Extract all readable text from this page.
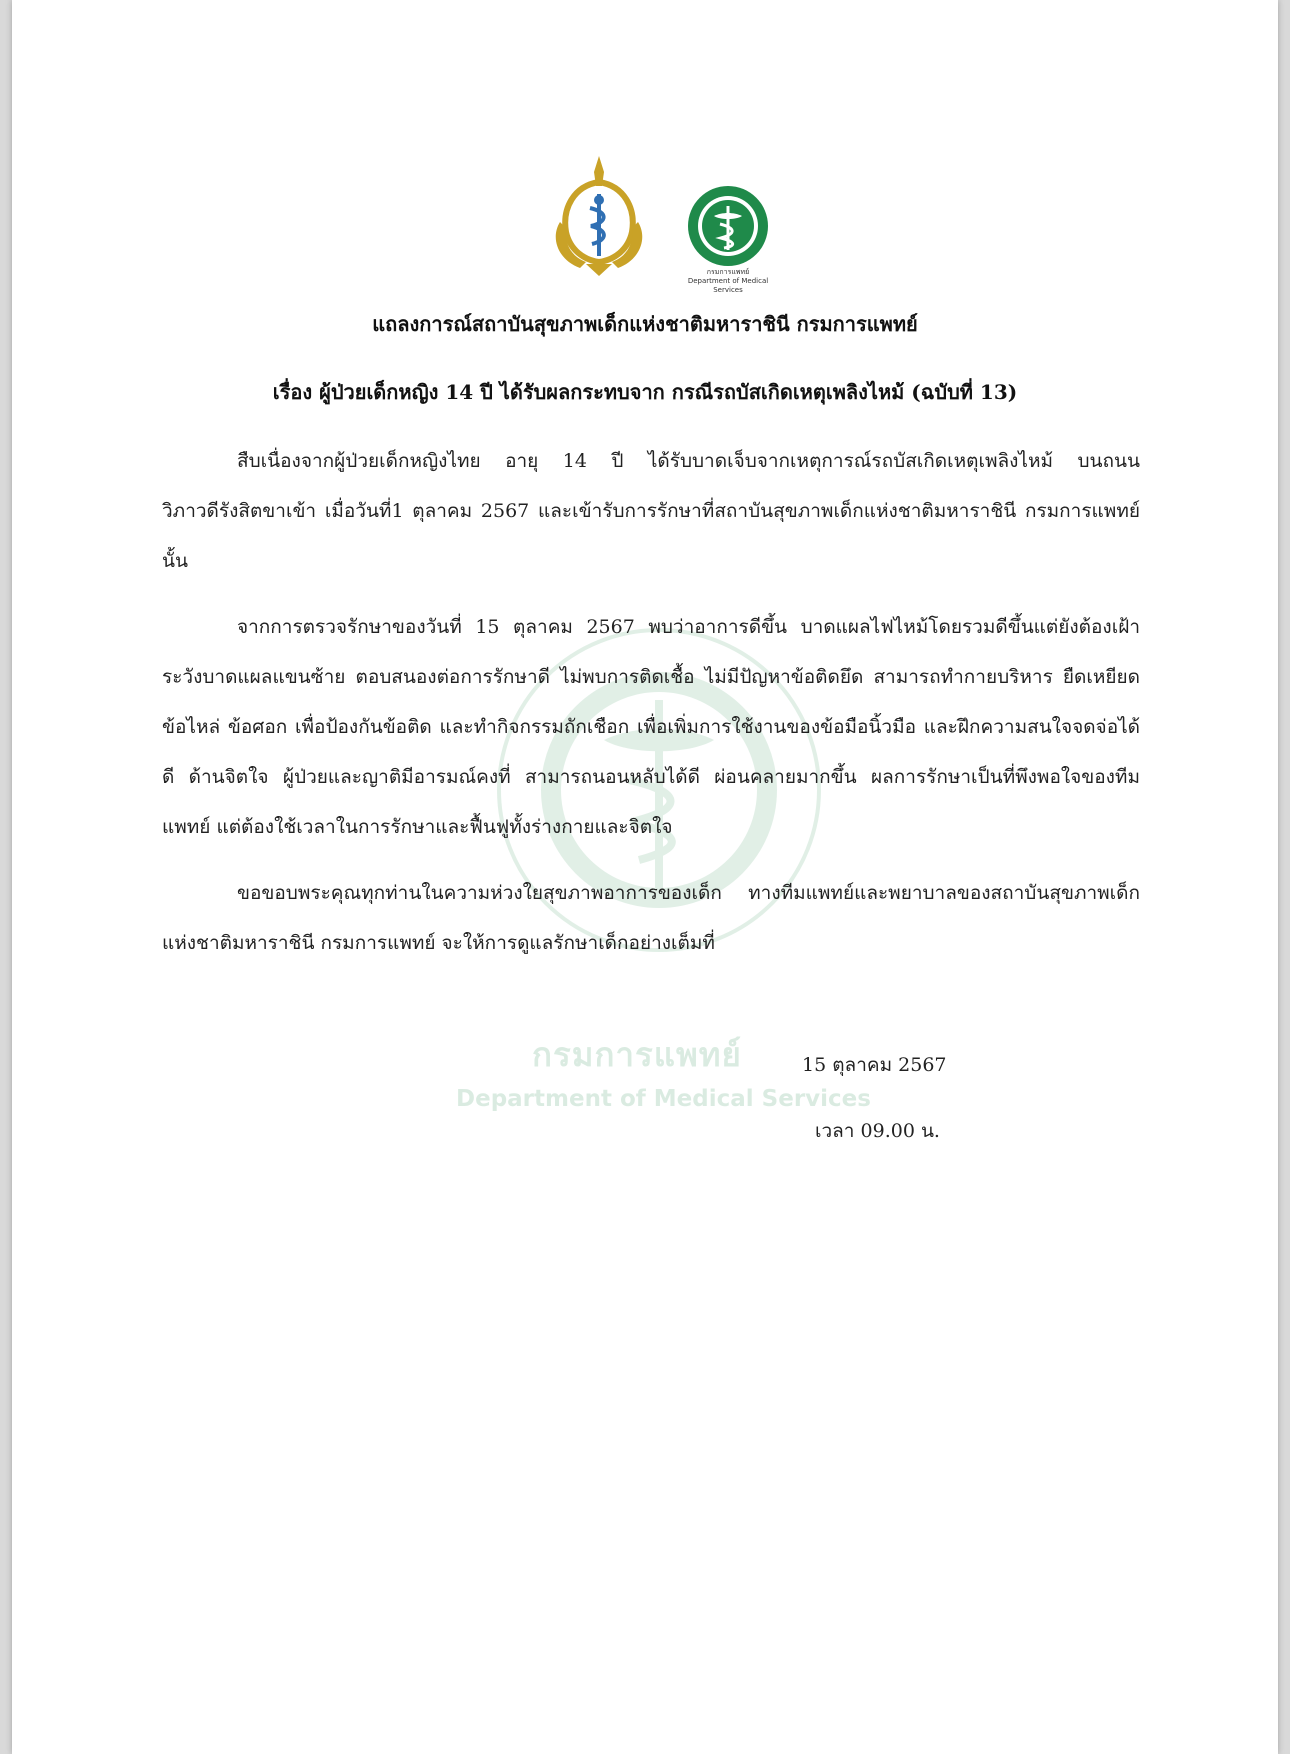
กรมการแพทย์
Department of Medical Services
กรมการแพทย์
Department of Medical Services
แถลงการณ์สถาบันสุขภาพเด็กแห่งชาติมหาราชินี กรมการแพทย์
เรื่อง ผู้ป่วยเด็กหญิง 14 ปี ได้รับผลกระทบจาก กรณีรถบัสเกิดเหตุเพลิงไหม้ (ฉบับที่ 13)

สืบเนื่องจากผู้ป่วยเด็กหญิงไทย อายุ 14 ปี ได้รับบาดเจ็บจากเหตุการณ์รถบัสเกิดเหตุเพลิงไหม้ บนถนนวิภาวดีรังสิตขาเข้า เมื่อวันที่1 ตุลาคม 2567 และเข้ารับการรักษาที่สถาบันสุขภาพเด็กแห่งชาติมหาราชินี กรมการแพทย์นั้น

จากการตรวจรักษาของวันที่ 15 ตุลาคม 2567 พบว่าอาการดีขึ้น บาดแผลไฟไหม้โดยรวมดีขึ้นแต่ยังต้องเฝ้าระวังบาดแผลแขนซ้าย ตอบสนองต่อการรักษาดี ไม่พบการติดเชื้อ ไม่มีปัญหาข้อติดยึด สามารถทำกายบริหาร ยืดเหยียดข้อไหล่ ข้อศอก เพื่อป้องกันข้อติด และทำกิจกรรมถักเชือก เพื่อเพิ่มการใช้งานของข้อมือนิ้วมือ และฝึกความสนใจจดจ่อได้ดี ด้านจิตใจ ผู้ป่วยและญาติมีอารมณ์คงที่ สามารถนอนหลับได้ดี ผ่อนคลายมากขึ้น ผลการรักษาเป็นที่พึงพอใจของทีมแพทย์ แต่ต้องใช้เวลาในการรักษาและฟื้นฟูทั้งร่างกายและจิตใจ

ขอขอบพระคุณทุกท่านในความห่วงใยสุขภาพอาการของเด็ก ทางทีมแพทย์และพยาบาลของสถาบันสุขภาพเด็กแห่งชาติมหาราชินี กรมการแพทย์ จะให้การดูแลรักษาเด็กอย่างเต็มที่

15 ตุลาคม 2567
เวลา 09.00 น.
